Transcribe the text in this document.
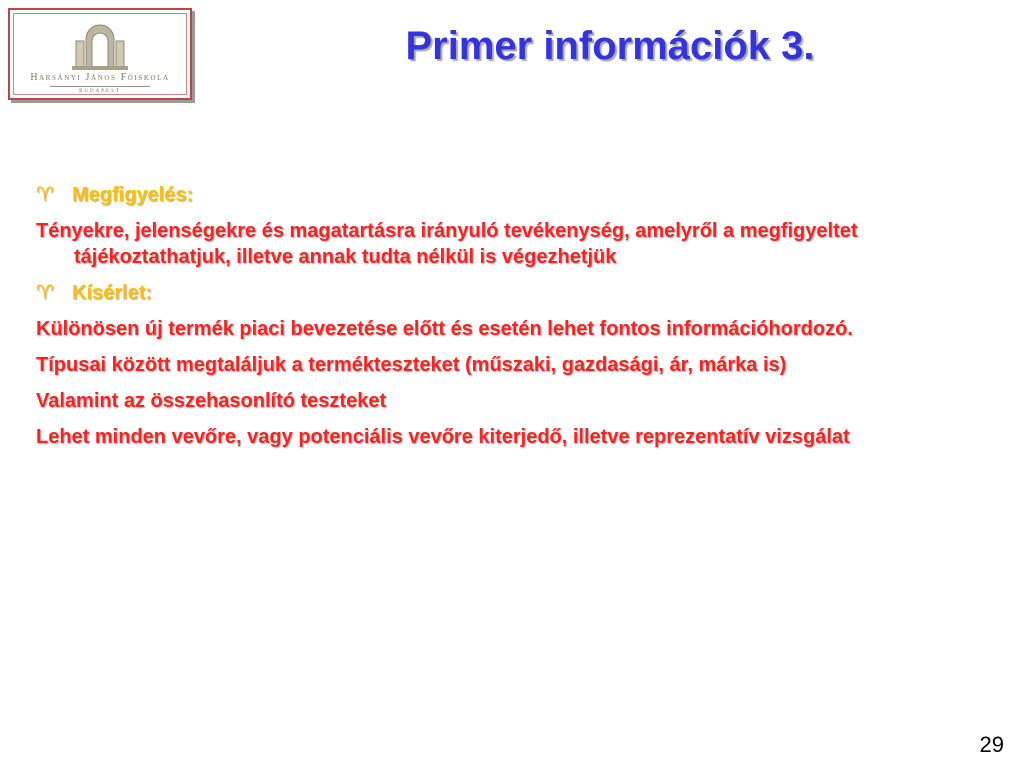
Harsányi János Főiskola
BUDAPEST
Primer információk 3.
♈ Megfigyelés:
Tényekre, jelenségekre és magatartásra irányuló tevékenység, amelyről a megfigyeltet tájékoztathatjuk, illetve annak tudta nélkül is végezhetjük
♈ Kísérlet:
Különösen új termék piaci bevezetése előtt és esetén lehet fontos információhordozó.
Típusai között megtaláljuk a termékteszteket (műszaki, gazdasági, ár, márka is)
Valamint az összehasonlító teszteket
Lehet minden vevőre, vagy potenciális vevőre kiterjedő, illetve reprezentatív vizsgálat
29
